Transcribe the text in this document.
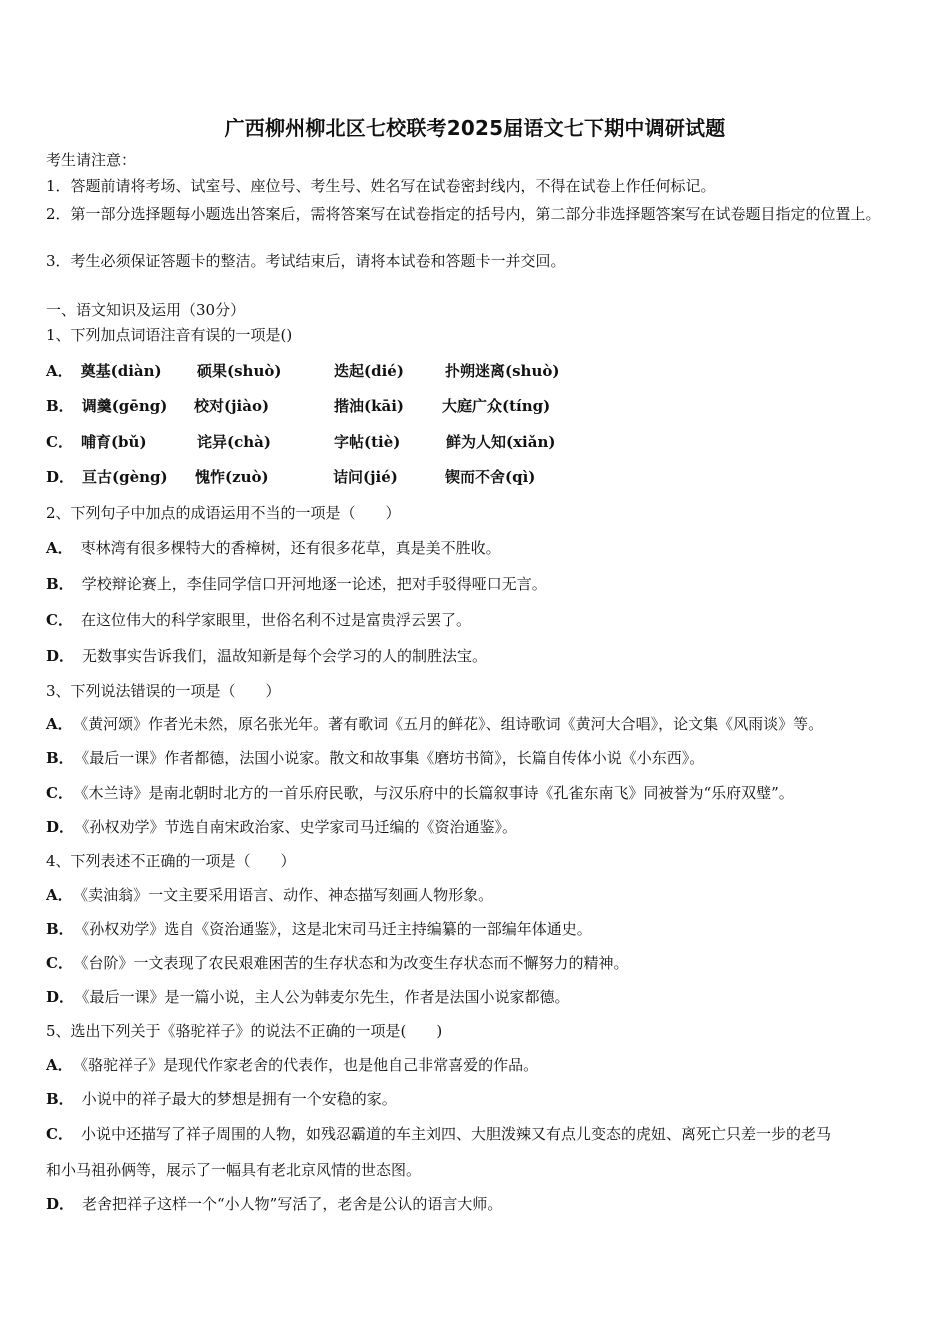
广西柳州柳北区七校联考2025届语文七下期中调研试题
考生请注意：
1．答题前请将考场、试室号、座位号、考生号、姓名写在试卷密封线内，不得在试卷上作任何标记。
2．第一部分选择题每小题选出答案后，需将答案写在试卷指定的括号内，第二部分非选择题答案写在试卷题目指定的位置上。
3．考生必须保证答题卡的整洁。考试结束后，请将本试卷和答题卡一并交回。
一、语文知识及运用（30分）
1、下列加点词语注音有误的一项是()
A． 奠基(diàn) 硕果(shuò)	迭起(dié)	扑朔迷离(shuò)
B． 调羹(gēng) 校对(jiào)	揩油(kāi)	大庭广众(tíng)
C． 哺育(bǔ)	诧异(chà)	字帖(tiè)	鲜为人知(xiǎn)
D． 亘古(gèng) 愧怍(zuò)	诘问(jié)	锲而不舍(qì)
2、下列句子中加点的成语运用不当的一项是（　　）
A． 枣林湾有很多棵特大的香樟树，还有很多花草，真是美不胜收。
B． 学校辩论赛上，李佳同学信口开河地逐一论述，把对手驳得哑口无言。
C． 在这位伟大的科学家眼里，世俗名利不过是富贵浮云罢了。
D． 无数事实告诉我们，温故知新是每个会学习的人的制胜法宝。
3、下列说法错误的一项是（　　）
A． 《黄河颂》作者光未然，原名张光年。著有歌词《五月的鲜花》、组诗歌词《黄河大合唱》，论文集《风雨谈》等。
B． 《最后一课》作者都德，法国小说家。散文和故事集《磨坊书简》，长篇自传体小说《小东西》。
C． 《木兰诗》是南北朝时北方的一首乐府民歌，与汉乐府中的长篇叙事诗《孔雀东南飞》同被誉为“乐府双璧”。
D． 《孙权劝学》节选自南宋政治家、史学家司马迁编的《资治通鉴》。
4、下列表述不正确的一项是（　　）
A． 《卖油翁》一文主要采用语言、动作、神态描写刻画人物形象。
B． 《孙权劝学》选自《资治通鉴》，这是北宋司马迁主持编纂的一部编年体通史。
C． 《台阶》一文表现了农民艰难困苦的生存状态和为改变生存状态而不懈努力的精神。
D． 《最后一课》是一篇小说，主人公为韩麦尔先生，作者是法国小说家都德。
5、选出下列关于《骆驼祥子》的说法不正确的一项是(　　)
A． 《骆驼祥子》是现代作家老舍的代表作，也是他自己非常喜爱的作品。
B． 小说中的祥子最大的梦想是拥有一个安稳的家。
C． 小说中还描写了祥子周围的人物，如残忍霸道的车主刘四、大胆泼辣又有点儿变态的虎妞、离死亡只差一步的老马
和小马祖孙俩等，展示了一幅具有老北京风情的世态图。
D． 老舍把祥子这样一个“小人物”写活了，老舍是公认的语言大师。
